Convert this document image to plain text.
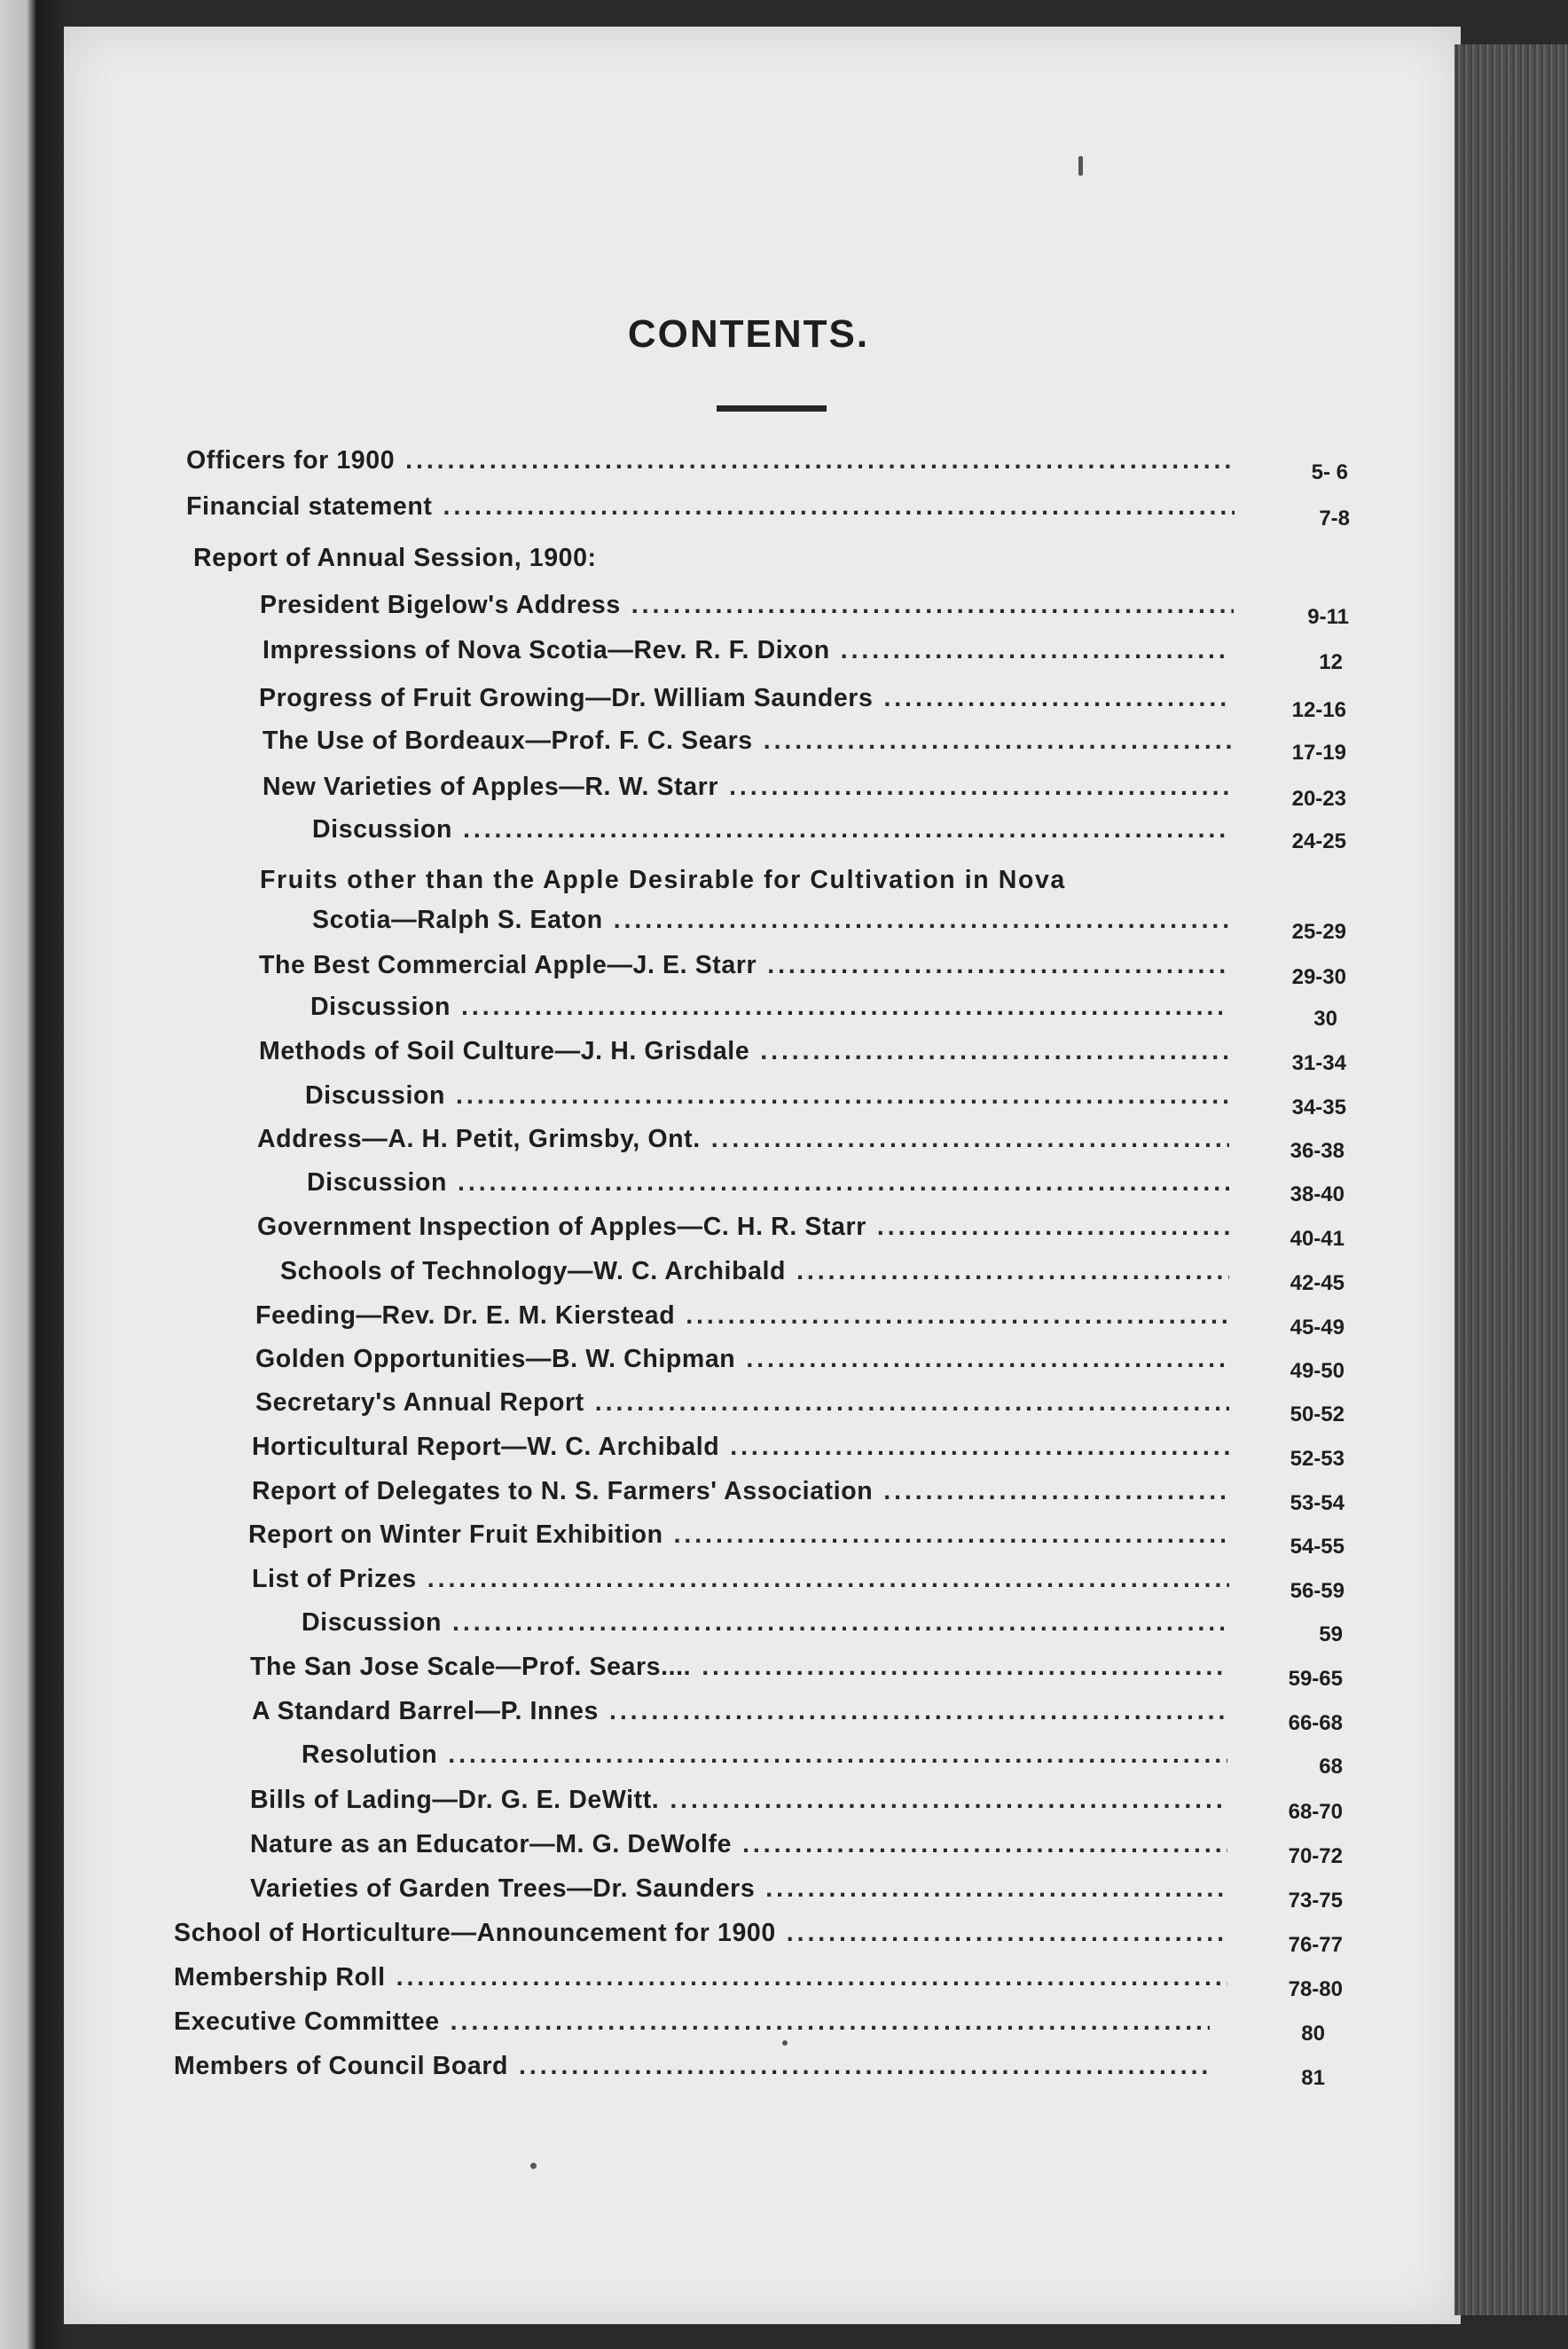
CONTENTS.
Officers for 1900 . . .	5- 6
Financial statement . . .	7-8
Report of Annual Session, 1900:
President Bigelow's Address . . .	9-11
Impressions of Nova Scotia—Rev. R. F. Dixon . . .	12
Progress of Fruit Growing—Dr. William Saunders . . .	12-16
The Use of Bordeaux—Prof. F. C. Sears . . .	17-19
New Varieties of Apples—R. W. Starr . . .	20-23
Discussion . . .	24-25
Fruits other than the Apple Desirable for Cultivation in Nova
Scotia—Ralph S. Eaton . . .	25-29
The Best Commercial Apple—J. E. Starr . . .	29-30
Discussion . . .	30
Methods of Soil Culture—J. H. Grisdale . . .	31-34
Discussion . . .	34-35
Address—A. H. Petit, Grimsby, Ont. . . .	36-38
Discussion . . .	38-40
Government Inspection of Apples—C. H. R. Starr . . .	40-41
Schools of Technology—W. C. Archibald . . .	42-45
Feeding—Rev. Dr. E. M. Kierstead . . .	45-49
Golden Opportunities—B. W. Chipman . . .	49-50
Secretary's Annual Report . . .	50-52
Horticultural Report—W. C. Archibald . . .	52-53
Report of Delegates to N. S. Farmers' Association . . .	53-54
Report on Winter Fruit Exhibition . . .	54-55
List of Prizes . . .	56-59
Discussion . . .	59
The San Jose Scale—Prof. Sears.... . . .	59-65
A Standard Barrel—P. Innes . . .	66-68
Resolution . . .	68
Bills of Lading—Dr. G. E. DeWitt. . . .	68-70
Nature as an Educator—M. G. DeWolfe . . .	70-72
Varieties of Garden Trees—Dr. Saunders . . .	73-75
School of Horticulture—Announcement for 1900 . . .	76-77
Membership Roll . . .	78-80
Executive Committee . . .	80
Members of Council Board . . .	81
